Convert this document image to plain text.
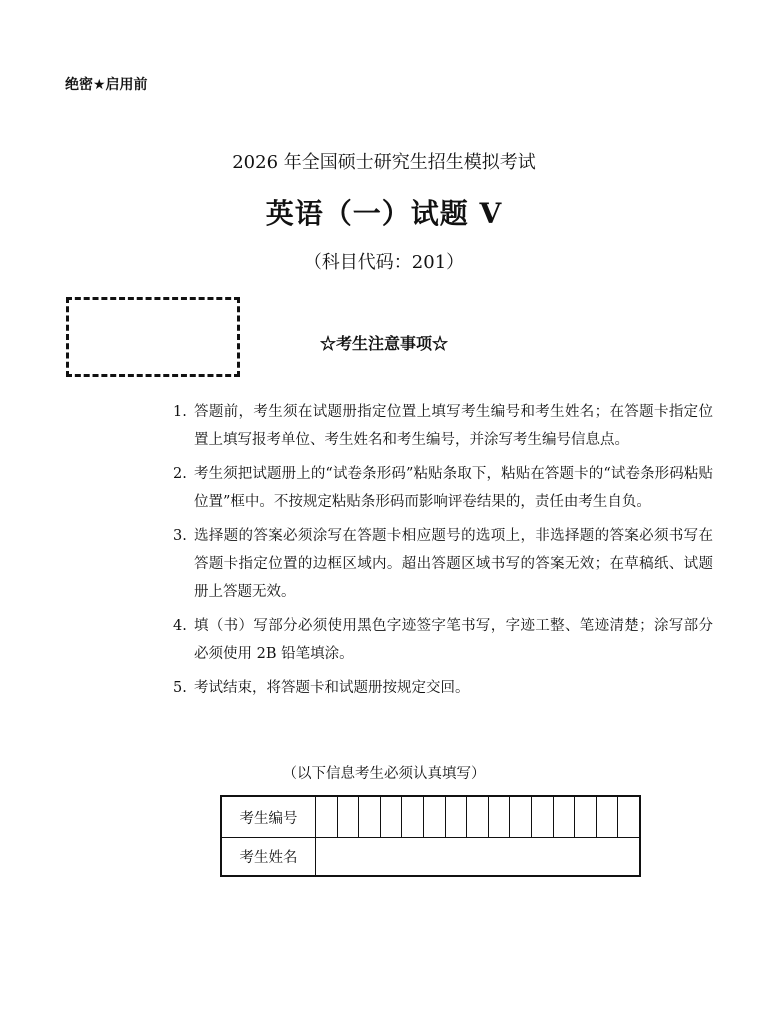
绝密★启用前
2026 年全国硕士研究生招生模拟考试
英语（一）试题 V
（科目代码：201）
☆考生注意事项☆
1. 答题前，考生须在试题册指定位置上填写考生编号和考生姓名；在答题卡指定位置上填写报考单位、考生姓名和考生编号，并涂写考生编号信息点。
2. 考生须把试题册上的“试卷条形码”粘贴条取下，粘贴在答题卡的“试卷条形码粘贴位置”框中。不按规定粘贴条形码而影响评卷结果的，责任由考生自负。
3. 选择题的答案必须涂写在答题卡相应题号的选项上，非选择题的答案必须书写在答题卡指定位置的边框区域内。超出答题区域书写的答案无效；在草稿纸、试题册上答题无效。
4. 填（书）写部分必须使用黑色字迹签字笔书写，字迹工整、笔迹清楚；涂写部分必须使用 2B 铅笔填涂。
5. 考试结束，将答题卡和试题册按规定交回。
（以下信息考生必须认真填写）
考生编号
考生姓名
